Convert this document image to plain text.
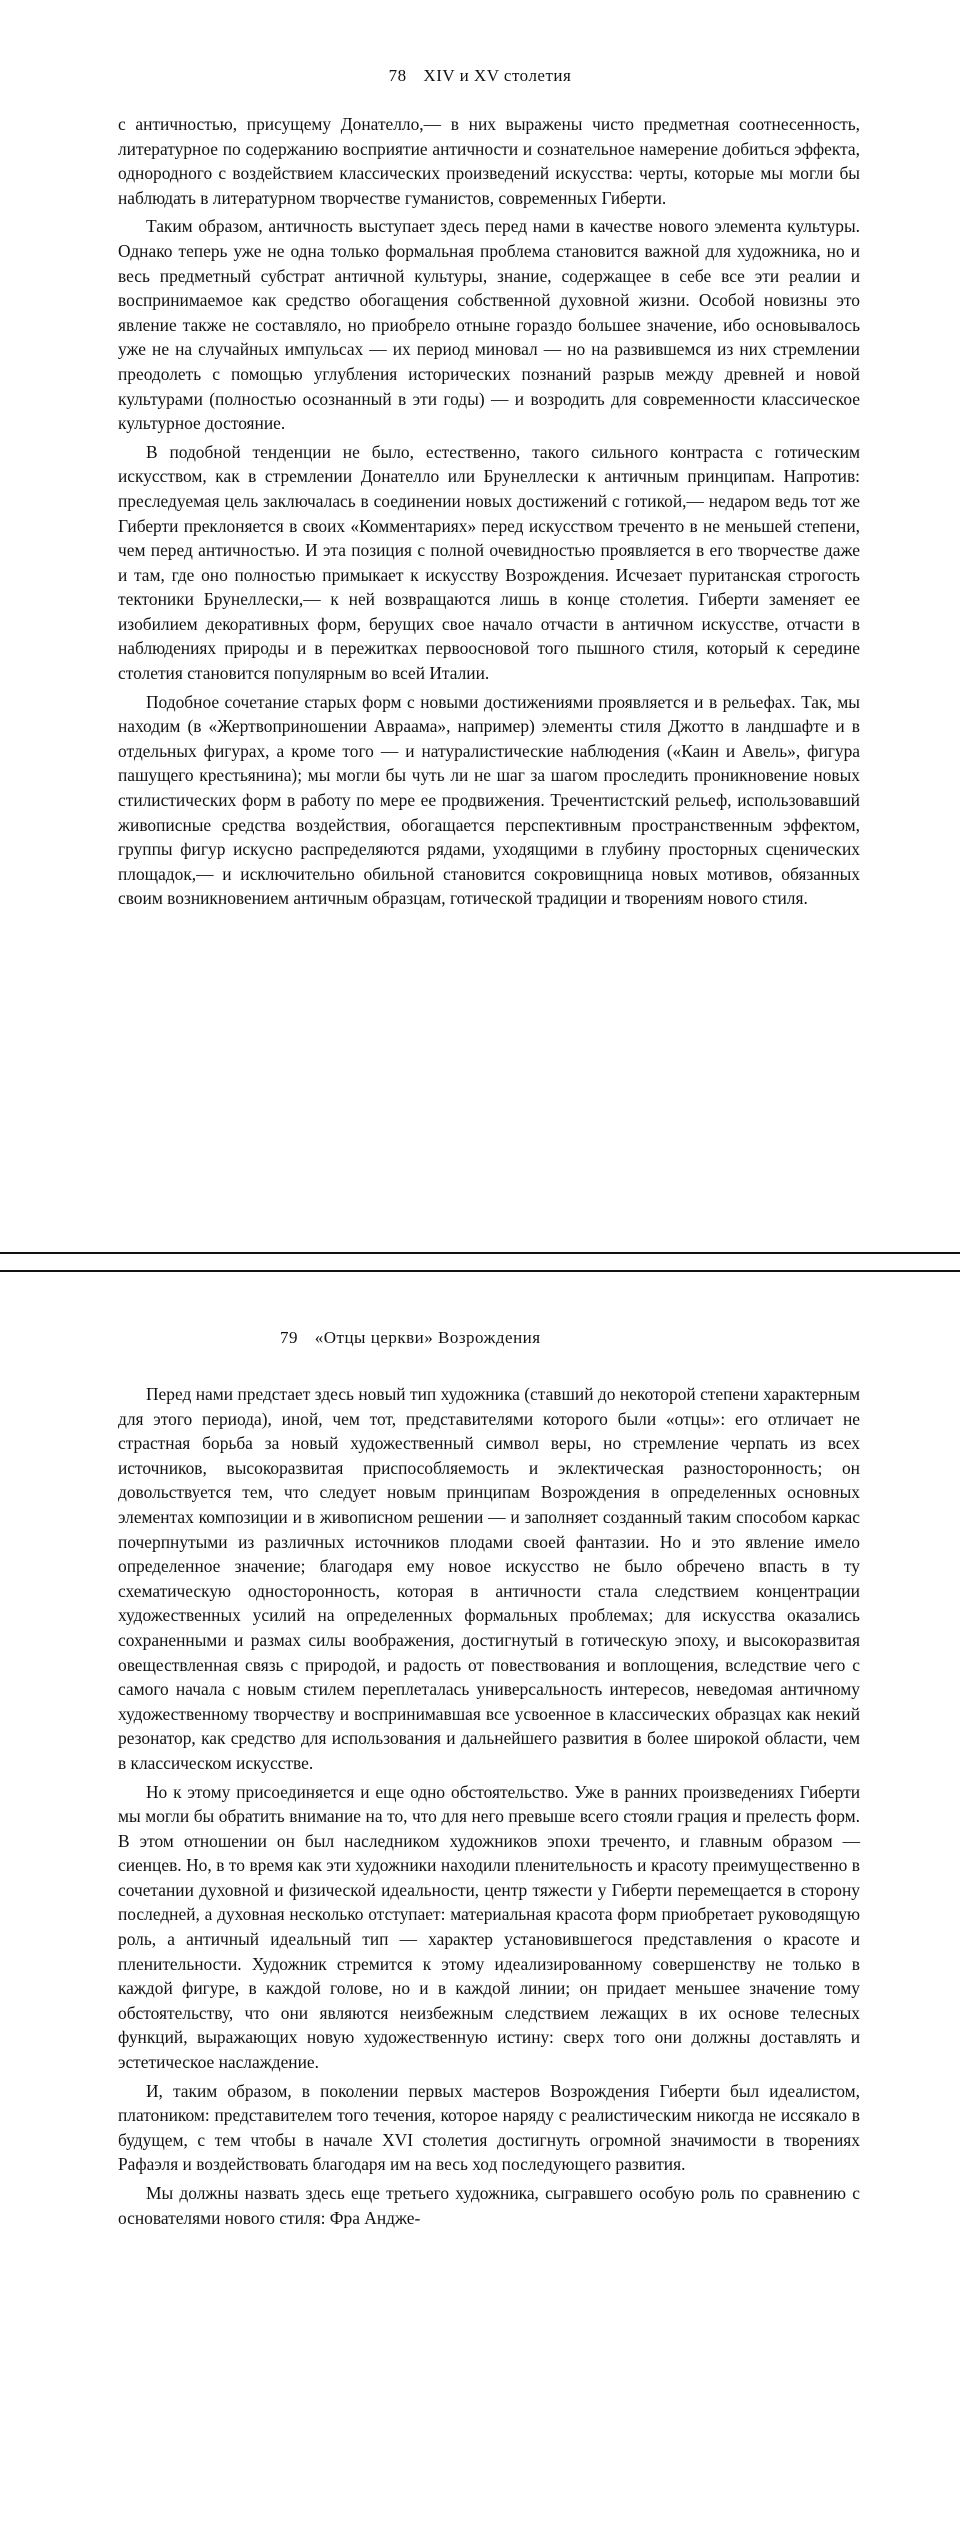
78 XIV и XV столетия

с античностью, присущему Донателло,— в них выражены чисто предметная соотнесенность, литературное по содержанию восприятие античности и сознательное намерение добиться эффекта, однородного с воздействием классических произведений искусства: черты, которые мы могли бы наблюдать в литературном творчестве гуманистов, современных Гиберти.

Таким образом, античность выступает здесь перед нами в качестве нового элемента культуры. Однако теперь уже не одна только формальная проблема становится важной для художника, но и весь предметный субстрат античной культуры, знание, содержащее в себе все эти реалии и воспринимаемое как средство обогащения собственной духовной жизни. Особой новизны это явление также не составляло, но приобрело отныне гораздо большее значение, ибо основывалось уже не на случайных импульсах — их период миновал — но на развившемся из них стремлении преодолеть с помощью углубления исторических познаний разрыв между древней и новой культурами (полностью осознанный в эти годы) — и возродить для современности классическое культурное достояние.

В подобной тенденции не было, естественно, такого сильного контраста с готическим искусством, как в стремлении Донателло или Брунеллески к античным принципам. Напротив: преследуемая цель заключалась в соединении новых достижений с готикой,— недаром ведь тот же Гиберти преклоняется в своих «Комментариях» перед искусством треченто в не меньшей степени, чем перед античностью. И эта позиция с полной очевидностью проявляется в его творчестве даже и там, где оно полностью примыкает к искусству Возрождения. Исчезает пуританская строгость тектоники Брунеллески,— к ней возвращаются лишь в конце столетия. Гиберти заменяет ее изобилием декоративных форм, берущих свое начало отчасти в античном искусстве, отчасти в наблюдениях природы и в пережитках первоосновой того пышного стиля, который к середине столетия становится популярным во всей Италии.

Подобное сочетание старых форм с новыми достижениями проявляется и в рельефах. Так, мы находим (в «Жертвоприношении Авраама», например) элементы стиля Джотто в ландшафте и в отдельных фигурах, а кроме того — и натуралистические наблюдения («Каин и Авель», фигура пашущего крестьянина); мы могли бы чуть ли не шаг за шагом проследить проникновение новых стилистических форм в работу по мере ее продвижения. Тречентистский рельеф, использовавший живописные средства воздействия, обогащается перспективным пространственным эффектом, группы фигур искусно распределяются рядами, уходящими в глубину просторных сценических площадок,— и исключительно обильной становится сокровищница новых мотивов, обязанных своим возникновением античным образцам, готической традиции и творениям нового стиля.

79 «Отцы церкви» Возрождения

Перед нами предстает здесь новый тип художника (ставший до некоторой степени характерным для этого периода), иной, чем тот, представителями которого были «отцы»: его отличает не страстная борьба за новый художественный символ веры, но стремление черпать из всех источников, высокоразвитая приспособляемость и эклектическая разносторонность; он довольствуется тем, что следует новым принципам Возрождения в определенных основных элементах композиции и в живописном решении — и заполняет созданный таким способом каркас почерпнутыми из различных источников плодами своей фантазии. Но и это явление имело определенное значение; благодаря ему новое искусство не было обречено впасть в ту схематическую односторонность, которая в античности стала следствием концентрации художественных усилий на определенных формальных проблемах; для искусства оказались сохраненными и размах силы воображения, достигнутый в готическую эпоху, и высокоразвитая овеществленная связь с природой, и радость от повествования и воплощения, вследствие чего с самого начала с новым стилем переплеталась универсальность интересов, неведомая античному художественному творчеству и воспринимавшая все усвоенное в классических образцах как некий резонатор, как средство для использования и дальнейшего развития в более широкой области, чем в классическом искусстве.

Но к этому присоединяется и еще одно обстоятельство. Уже в ранних произведениях Гиберти мы могли бы обратить внимание на то, что для него превыше всего стояли грация и прелесть форм. В этом отношении он был наследником художников эпохи треченто, и главным образом — сиенцев. Но, в то время как эти художники находили пленительность и красоту преимущественно в сочетании духовной и физической идеальности, центр тяжести у Гиберти перемещается в сторону последней, а духовная несколько отступает: материальная красота форм приобретает руководящую роль, а античный идеальный тип — характер установившегося представления о красоте и пленительности. Художник стремится к этому идеализированному совершенству не только в каждой фигуре, в каждой голове, но и в каждой линии; он придает меньшее значение тому обстоятельству, что они являются неизбежным следствием лежащих в их основе телесных функций, выражающих новую художественную истину: сверх того они должны доставлять и эстетическое наслаждение.

И, таким образом, в поколении первых мастеров Возрождения Гиберти был идеалистом, платоником: представителем того течения, которое наряду с реалистическим никогда не иссякало в будущем, с тем чтобы в начале XVI столетия достигнуть огромной значимости в творениях Рафаэля и воздействовать благодаря им на весь ход последующего развития.

Мы должны назвать здесь еще третьего художника, сыгравшего особую роль по сравнению с основателями нового стиля: Фра Андже-
